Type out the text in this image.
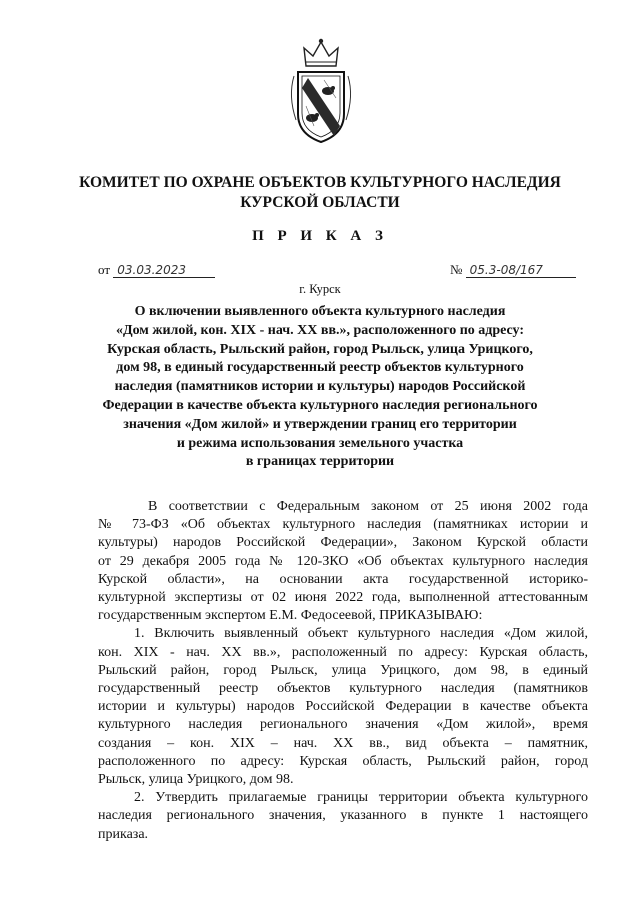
КОМИТЕТ ПО ОХРАНЕ ОБЪЕКТОВ КУЛЬТУРНОГО НАСЛЕДИЯ
КУРСКОЙ ОБЛАСТИ
П Р И К А З
от 03.03.2023	№ 05.3-08/167
г. Курск
О включении выявленного объекта культурного наследия
«Дом жилой, кон. XIX - нач. XX вв.», расположенного по адресу:
Курская область, Рыльский район, город Рыльск, улица Урицкого,
дом 98, в единый государственный реестр объектов культурного
наследия (памятников истории и культуры) народов Российской
Федерации в качестве объекта культурного наследия регионального
значения «Дом жилой» и утверждении границ его территории
и режима использования земельного участка
в границах территории
В соответствии с Федеральным законом от 25 июня 2002 года
№ 73-ФЗ «Об объектах культурного наследия (памятниках истории и
культуры) народов Российской Федерации», Законом Курской области
от 29 декабря 2005 года № 120-ЗКО «Об объектах культурного наследия
Курской области», на основании акта государственной историко-
культурной экспертизы от 02 июня 2022 года, выполненной аттестованным
государственным экспертом Е.М. Федосеевой, ПРИКАЗЫВАЮ:
1. Включить выявленный объект культурного наследия «Дом жилой,
кон. XIX - нач. XX вв.», расположенный по адресу: Курская область,
Рыльский район, город Рыльск, улица Урицкого, дом 98, в единый
государственный реестр объектов культурного наследия (памятников
истории и культуры) народов Российской Федерации в качестве объекта
культурного наследия регионального значения «Дом жилой», время
создания – кон. XIX – нач. XX вв., вид объекта – памятник,
расположенного по адресу: Курская область, Рыльский район, город
Рыльск, улица Урицкого, дом 98.
2. Утвердить прилагаемые границы территории объекта культурного
наследия регионального значения, указанного в пункте 1 настоящего
приказа.
